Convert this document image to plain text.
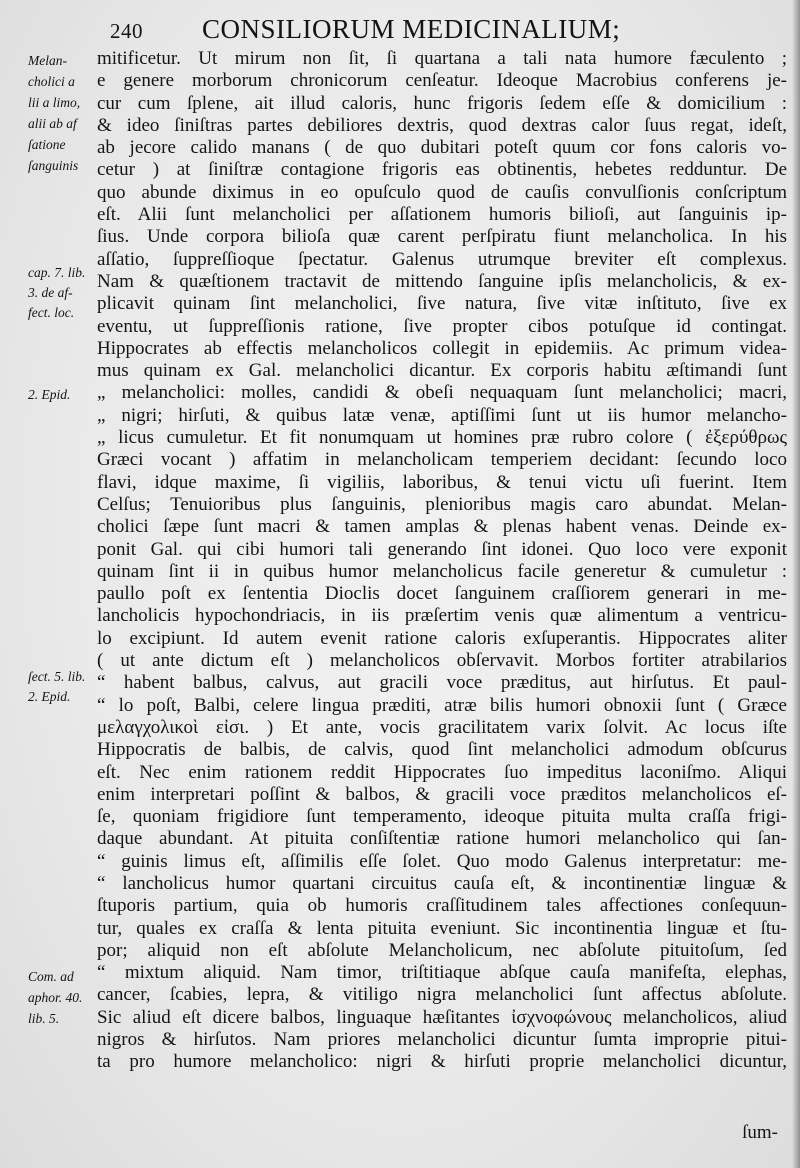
240 CONSILIORUM MEDICINALIUM;
Melan-
cholici a
lii a limo,
alii ab af
ſatione
ſanguinis
cap. 7. lib.
3. de af-
fect. loc.
2. Epid.
ſect. 5. lib.
2. Epid.
Com. ad
aphor. 40.
lib. 5.
mitificetur. Ut mirum non ſit, ſi quartana a tali nata humore fæculento ;
e genere morborum chronicorum cenſeatur. Ideoque Macrobius conferens je-
cur cum ſplene, ait illud caloris, hunc frigoris ſedem eſſe & domicilium :
& ideo ſiniſtras partes debiliores dextris, quod dextras calor ſuus regat, ideſt,
ab jecore calido manans ( de quo dubitari poteſt quum cor fons caloris vo-
cetur ) at ſiniſtræ contagione frigoris eas obtinentis, hebetes redduntur. De
quo abunde diximus in eo opuſculo quod de cauſis convulſionis conſcriptum
eſt. Alii ſunt melancholici per aſſationem humoris bilioſi, aut ſanguinis ip-
ſius. Unde corpora bilioſa quæ carent perſpiratu fiunt melancholica. In his
aſſatio, ſuppreſſioque ſpectatur. Galenus utrumque breviter eſt complexus.
Nam & quæſtionem tractavit de mittendo ſanguine ipſis melancholicis, & ex-
plicavit quinam ſint melancholici, ſive natura, ſive vitæ inſtituto, ſive ex
eventu, ut ſuppreſſionis ratione, ſive propter cibos potuſque id contingat.
Hippocrates ab effectis melancholicos collegit in epidemiis. Ac primum videa-
mus quinam ex Gal. melancholici dicantur. Ex corporis habitu æſtimandi ſunt
„ melancholici: molles, candidi & obeſi nequaquam ſunt melancholici; macri,
„ nigri; hirſuti, & quibus latæ venæ, aptiſſimi ſunt ut iis humor melancho-
„ licus cumuletur. Et fit nonumquam ut homines præ rubro colore ( ἐξερύθρως
Græci vocant ) affatim in melancholicam temperiem decidant: ſecundo loco
flavi, idque maxime, ſi vigiliis, laboribus, & tenui victu uſi fuerint. Item
Celſus; Tenuioribus plus ſanguinis, plenioribus magis caro abundat. Melan-
cholici ſæpe ſunt macri & tamen amplas & plenas habent venas. Deinde ex-
ponit Gal. qui cibi humori tali generando ſint idonei. Quo loco vere exponit
quinam ſint ii in quibus humor melancholicus facile generetur & cumuletur :
paullo poſt ex ſententia Dioclis docet ſanguinem craſſiorem generari in me-
lancholicis hypochondriacis, in iis præſertim venis quæ alimentum a ventricu-
lo excipiunt. Id autem evenit ratione caloris exſuperantis. Hippocrates aliter
( ut ante dictum eſt ) melancholicos obſervavit. Morbos fortiter atrabilarios
“ habent balbus, calvus, aut gracili voce præditus, aut hirſutus. Et paul-
“ lo poſt, Balbi, celere lingua præditi, atræ bilis humori obnoxii ſunt ( Græce
μελαγχολικοὶ εἰσι. ) Et ante, vocis gracilitatem varix ſolvit. Ac locus iſte
Hippocratis de balbis, de calvis, quod ſint melancholici admodum obſcurus
eſt. Nec enim rationem reddit Hippocrates ſuo impeditus laconiſmo. Aliqui
enim interpretari poſſint & balbos, & gracili voce præditos melancholicos eſ-
ſe, quoniam frigidiore ſunt temperamento, ideoque pituita multa craſſa frigi-
daque abundant. At pituita conſiſtentiæ ratione humori melancholico qui ſan-
“ guinis limus eſt, aſſimilis eſſe ſolet. Quo modo Galenus interpretatur: me-
“ lancholicus humor quartani circuitus cauſa eſt, & incontinentiæ linguæ &
ſtuporis partium, quia ob humoris craſſitudinem tales affectiones conſequun-
tur, quales ex craſſa & lenta pituita eveniunt. Sic incontinentia linguæ et ſtu-
por; aliquid non eſt abſolute Melancholicum, nec abſolute pituitoſum, ſed
“ mixtum aliquid. Nam timor, triſtitiaque abſque cauſa manifeſta, elephas,
cancer, ſcabies, lepra, & vitiligo nigra melancholici ſunt affectus abſolute.
Sic aliud eſt dicere balbos, linguaque hæſitantes ἰσχνοφώνους melancholicos, aliud
nigros & hirſutos. Nam priores melancholici dicuntur ſumta improprie pitui-
ta pro humore melancholico: nigri & hirſuti proprie melancholici dicuntur,
ſum-
